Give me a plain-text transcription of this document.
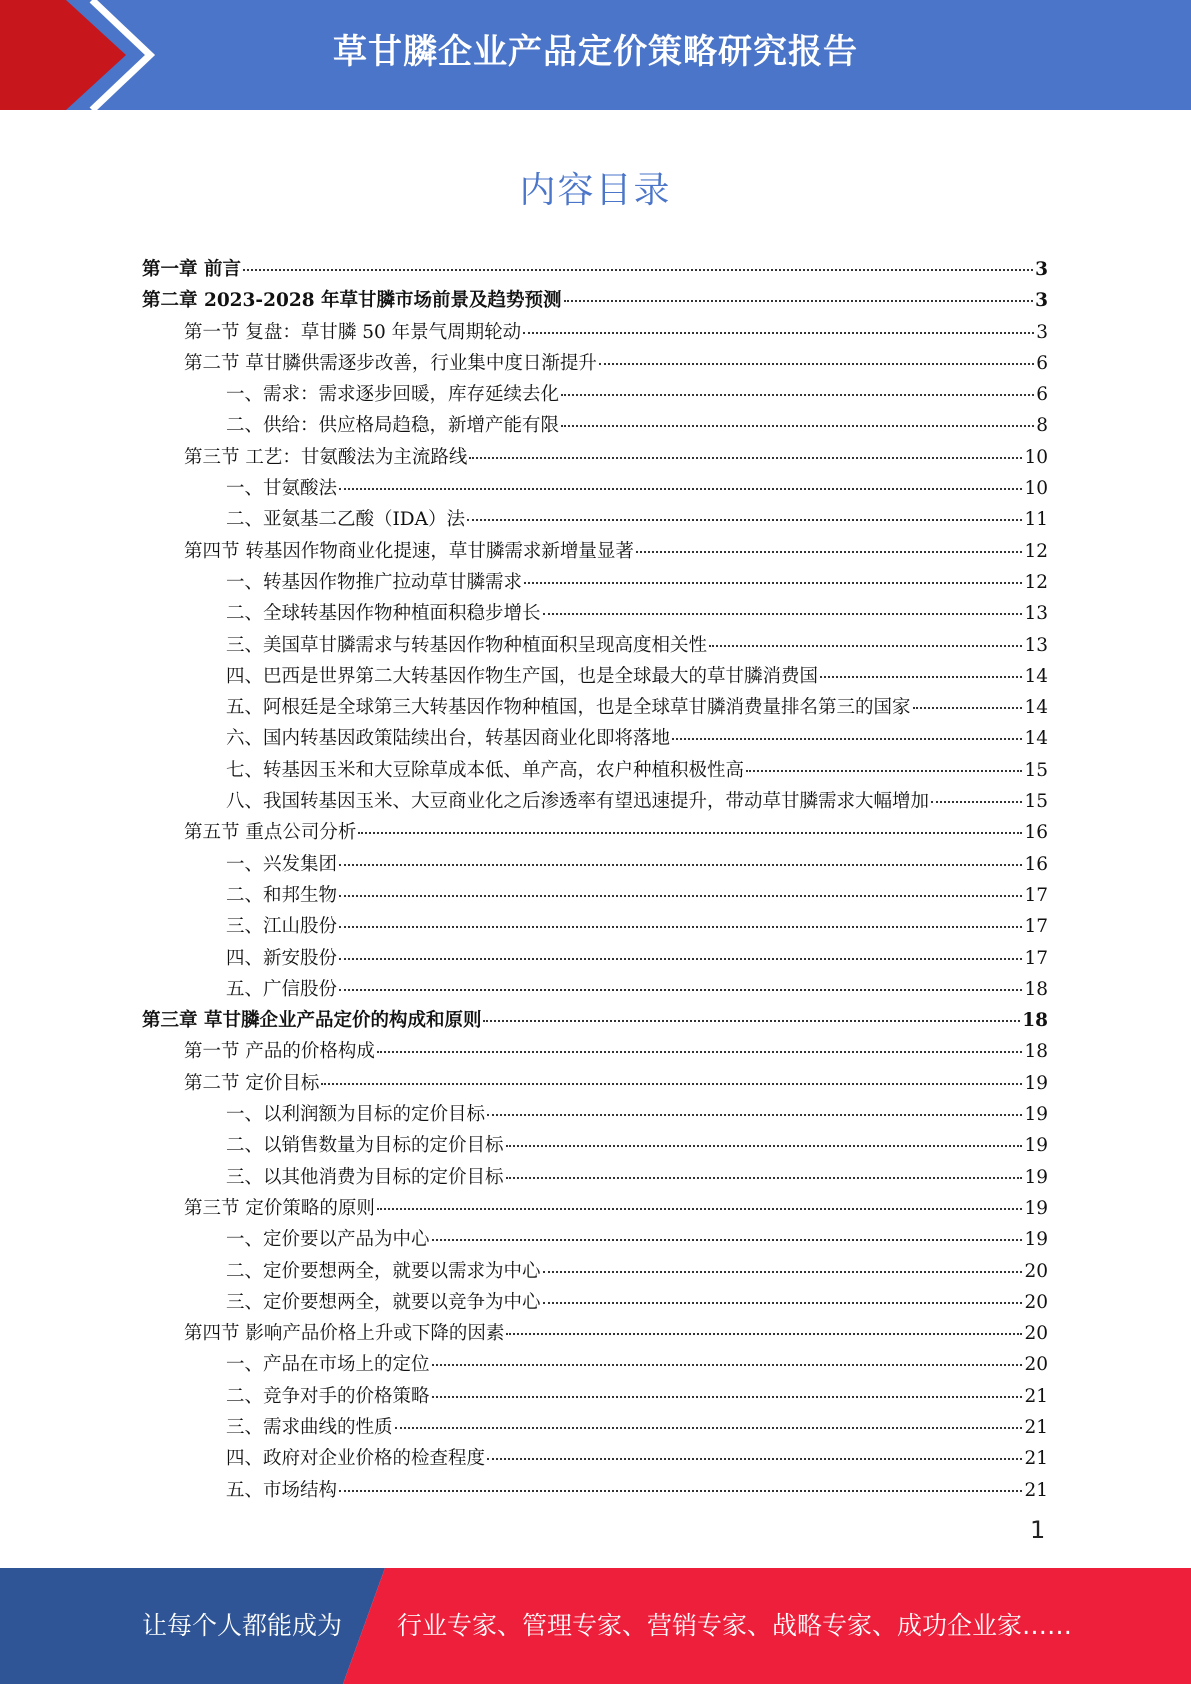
草甘膦企业产品定价策略研究报告
内容目录
第一章 前言	3
第二章 2023-2028 年草甘膦市场前景及趋势预测	3
第一节 复盘：草甘膦 50 年景气周期轮动	3
第二节 草甘膦供需逐步改善，行业集中度日渐提升	6
一、需求：需求逐步回暖，库存延续去化	6
二、供给：供应格局趋稳，新增产能有限	8
第三节 工艺：甘氨酸法为主流路线	10
一、甘氨酸法	10
二、亚氨基二乙酸（IDA）法	11
第四节 转基因作物商业化提速，草甘膦需求新增量显著	12
一、转基因作物推广拉动草甘膦需求	12
二、全球转基因作物种植面积稳步增长	13
三、美国草甘膦需求与转基因作物种植面积呈现高度相关性	13
四、巴西是世界第二大转基因作物生产国，也是全球最大的草甘膦消费国	14
五、阿根廷是全球第三大转基因作物种植国，也是全球草甘膦消费量排名第三的国家	14
六、国内转基因政策陆续出台，转基因商业化即将落地	14
七、转基因玉米和大豆除草成本低、单产高，农户种植积极性高	15
八、我国转基因玉米、大豆商业化之后渗透率有望迅速提升，带动草甘膦需求大幅增加	15
第五节 重点公司分析	16
一、兴发集团	16
二、和邦生物	17
三、江山股份	17
四、新安股份	17
五、广信股份	18
第三章 草甘膦企业产品定价的构成和原则	18
第一节 产品的价格构成	18
第二节 定价目标	19
一、以利润额为目标的定价目标	19
二、以销售数量为目标的定价目标	19
三、以其他消费为目标的定价目标	19
第三节 定价策略的原则	19
一、定价要以产品为中心	19
二、定价要想两全，就要以需求为中心	20
三、定价要想两全，就要以竞争为中心	20
第四节 影响产品价格上升或下降的因素	20
一、产品在市场上的定位	20
二、竞争对手的价格策略	21
三、需求曲线的性质	21
四、政府对企业价格的检查程度	21
五、市场结构	21
1
让每个人都能成为 行业专家、管理专家、营销专家、战略专家、成功企业家……
